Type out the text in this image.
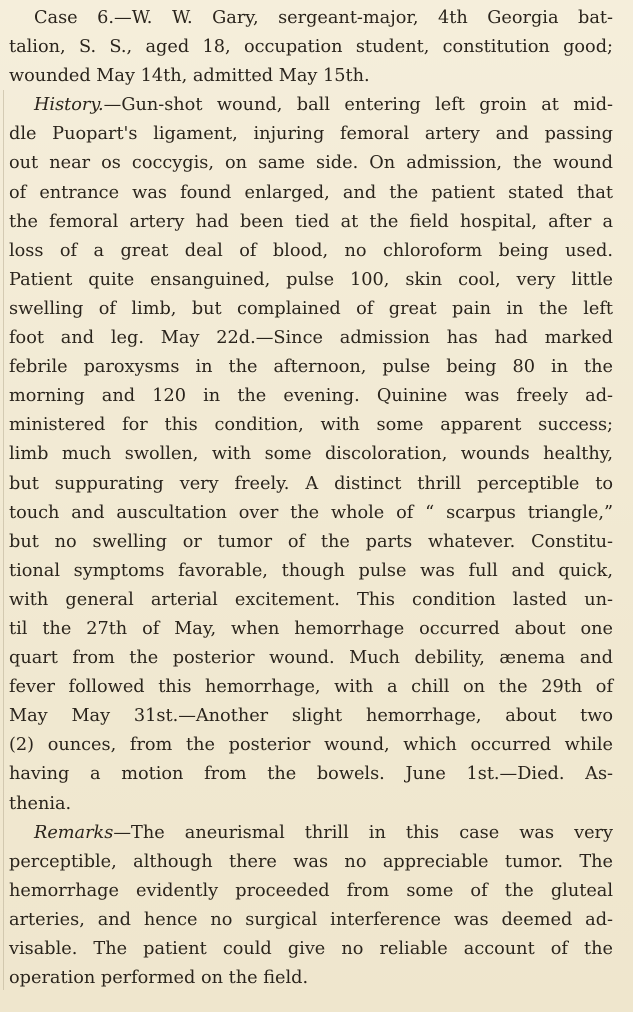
Case 6.—W. W. Gary, sergeant-major, 4th Georgia bat-
talion, S. S., aged 18, occupation student, constitution good;
wounded May 14th, admitted May 15th.
History.—Gun-shot wound, ball entering left groin at mid-
dle Puopart's ligament, injuring femoral artery and passing
out near os coccygis, on same side. On admission, the wound
of entrance was found enlarged, and the patient stated that
the femoral artery had been tied at the field hospital, after a
loss of a great deal of blood, no chloroform being used.
Patient quite ensanguined, pulse 100, skin cool, very little
swelling of limb, but complained of great pain in the left
foot and leg. May 22d.—Since admission has had marked
febrile paroxysms in the afternoon, pulse being 80 in the
morning and 120 in the evening. Quinine was freely ad-
ministered for this condition, with some apparent success;
limb much swollen, with some discoloration, wounds healthy,
but suppurating very freely. A distinct thrill perceptible to
touch and auscultation over the whole of “ scarpus triangle,”
but no swelling or tumor of the parts whatever. Constitu-
tional symptoms favorable, though pulse was full and quick,
with general arterial excitement. This condition lasted un-
til the 27th of May, when hemorrhage occurred about one
quart from the posterior wound. Much debility, ænema and
fever followed this hemorrhage, with a chill on the 29th of
May May 31st.—Another slight hemorrhage, about two
(2) ounces, from the posterior wound, which occurred while
having a motion from the bowels. June 1st.—Died. As-
thenia.
Remarks—The aneurismal thrill in this case was very
perceptible, although there was no appreciable tumor. The
hemorrhage evidently proceeded from some of the gluteal
arteries, and hence no surgical interference was deemed ad-
visable. The patient could give no reliable account of the
operation performed on the field.
